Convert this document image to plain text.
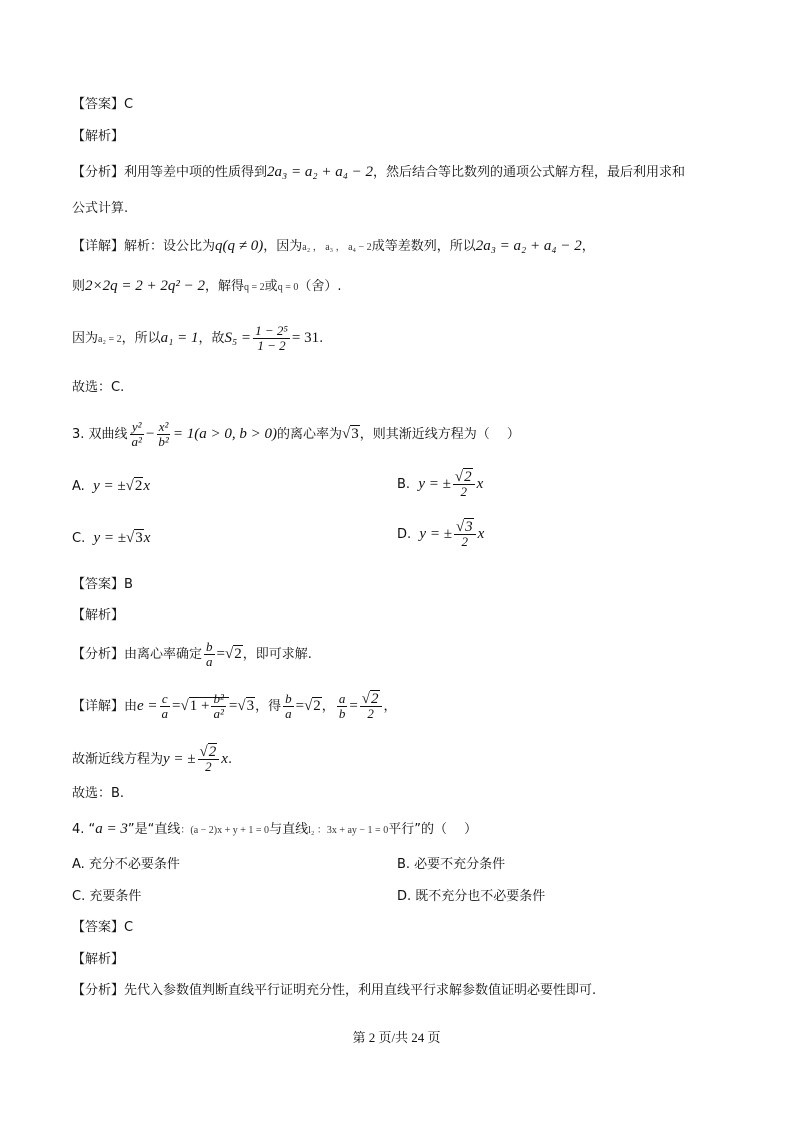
【答案】C
【解析】
【分析】利用等差中项的性质得到2a₃ = a₂ + a₄ − 2，然后结合等比数列的通项公式解方程，最后利用求和
公式计算.
【详解】解析：设公比为q(q ≠ 0)，因为a₂ ， a₃ ， a₄ − 2成等差数列，所以2a₃ = a₂ + a₄ − 2，
则2×2q = 2 + 2q² − 2，解得q = 2或q = 0（舍）.
因为a₂ = 2，所以a₁ = 1，故$S_5 = \frac{\text{1 − 2⁵}}{1 - 2} = 31$.
故选：C.
3. 双曲线 $\frac{\text{y²}}{\text{a²}} - \frac{\text{x²}}{\text{b²}} = 1(a > 0$, b > 0)的离心率为√3，则其渐近线方程为（　 ）
A. y = ±√2x	B. y = ± $\frac{√2}{2}$ x
C. y = ±√3x	D. y = ± $\frac{√3}{2}$ x
【答案】B
【解析】
【分析】由离心率确定 $\frac{b}{a} =√2$，即可求解.
【详解】由$e = \frac{c}{a} =√1 + \frac{\text{b²}}{\text{a²}} =√3$，得 $\frac{b}{a} =√2$， $\frac{a}{b} = \frac{√2}{2}$ ，
故渐近线方程为y = ± $\frac{√2}{2} x$.
故选：B.
4. “a = 3”是“直线：(a − 2)x + y + 1 = 0与直线l₂ ：3x + ay − 1 = 0平行”的（　 ）
A. 充分不必要条件	B. 必要不充分条件
C. 充要条件	D. 既不充分也不必要条件
【答案】C
【解析】
【分析】先代入参数值判断直线平行证明充分性，利用直线平行求解参数值证明必要性即可.
第 2 页/共 24 页
